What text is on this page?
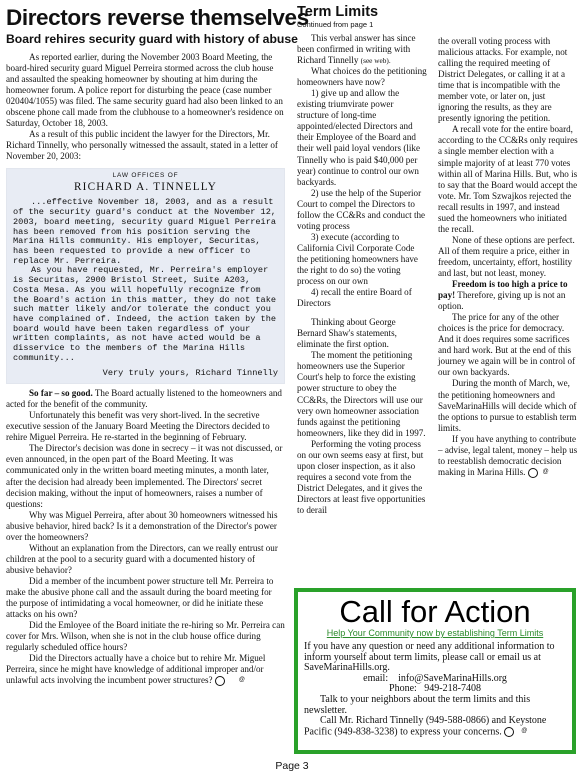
Directors reverse themselves
Board rehires security guard with history of abuse

As reported earlier, during the November 2003 Board Meeting, the board-hired security guard Miguel Perreira stormed across the club house and assaulted the speaking homeowner by shouting at him during the homeowner forum. A police report for disturbing the peace (case number 020404/1055) was filed. The same security guard had also been linked to an obscene phone call made from the clubhouse to a homeowner's residence on Saturday, October 18, 2003.

As a result of this public incident the lawyer for the Directors, Mr. Richard Tinnelly, who personally witnessed the assault, stated in a letter of November 20, 2003:

LAW OFFICES OF
RICHARD A. TINNELLY

...effective November 18, 2003, and as a result of the security guard's conduct at the November 12, 2003, board meeting, security guard Miguel Perreira has been removed from his position serving the Marina Hills community. His employer, Securitas, has been requested to provide a new officer to replace Mr. Perreira.

As you have requested, Mr. Perreira's employer is Securitas, 2900 Bristol Street, Suite A203, Costa Mesa. As you will hopefully recognize from the Board's action in this matter, they do not take such matter likely and/or tolerate the conduct you have complained of. Indeed, the action taken by the board would have been taken regardless of your written complaints, as not have acted would be a disservice to the members of the Marina Hills community...

Very truly yours, Richard Tinnelly

So far – so good. The Board actually listened to the homeowners and acted for the benefit of the community.

Unfortunately this benefit was very short-lived. In the secretive executive session of the January Board Meeting the Directors decided to rehire Miguel Perreira. He re-started in the beginning of February.

The Director's decision was done in secrecy – it was not discussed, or even announced, in the open part of the Board Meeting. It was communicated only in the written board meeting minutes, a month later, after the decision had already been implemented. The Directors' secret decision making, without the input of homeowners, raises a number of questions:

Why was Miguel Perreira, after about 30 homeowners witnessed his abusive behavior, hired back? Is it a demonstration of the Director's power over the homeowners?

Without an explanation from the Directors, can we really entrust our children at the pool to a security guard with a documented history of abusive behavior?

Did a member of the incumbent power structure tell Mr. Perreira to make the abusive phone call and the assault during the board meeting for the purpose of intimidating a vocal homeowner, or did he initiate these attacks on his own?

Did the Emloyee of the Board initiate the re-hiring so Mr. Perreira can cover for Mrs. Wilson, when she is not in the club house office during regularly scheduled office hours?

Did the Directors actually have a choice but to rehire Mr. Miguel Perreira, since he might have knowledge of additional improper and/or unlawful acts involving the incumbent power structures?	@

Term Limits
Continued from page 1

This verbal answer has since been confirmed in writing with Richard Tinnelly (see web).

What choices do the petitioning homeowners have now?

1) give up and allow the existing triumvirate power structure of long-time appointed/elected Directors and their Employee of the Board and their well paid loyal vendors (like Tinnelly who is paid $40,000 per year) continue to control our own backyards.

2) use the help of the Superior Court to compel the Directors to follow the CC&Rs and conduct the voting process

3) execute (according to California Civil Corporate Code the petitioning homeowners have the right to do so) the voting process on our own

4) recall the entire Board of Directors

Thinking about George Bernard Shaw's statements, eliminate the first option.

The moment the petitioning homeowners use the Superior Court's help to force the existing power structure to obey the CC&Rs, the Directors will use our very own homeowner association funds against the petitioning homeowners, like they did in 1997.

Performing the voting process on our own seems easy at first, but upon closer inspection, as it also requires a second vote from the District Delegates, and it gives the Directors at least five opportunities to derail

the overall voting process with malicious attacks. For example, not calling the required meeting of District Delegates, or calling it at a time that is incompatible with the member vote, or later on, just ignoring the results, as they are presently ignoring the petition.

A recall vote for the entire board, according to the CC&Rs only requires a single member election with a simple majority of at least 770 votes within all of Marina Hills. But, who is to say that the Board would accept the vote. Mr. Tom Szwajkos rejected the recall results in 1997, and instead sued the homeowners who initiated the recall.

None of these options are perfect. All of them require a price, either in freedom, uncertainty, effort, hostility and last, but not least, money.

Freedom is too high a price to pay! Therefore, giving up is not an option.

The price for any of the other choices is the price for democracy. And it does requires some sacrifices and hard work. But at the end of this journey we again will be in control of our own backyards.

During the month of March, we, the petitioning homeowners and SaveMarinaHills will decide which of the options to pursue to establish term limits.

If you have anything to contribute – advise, legal talent, money – help us to reestablish democratic decision making in Marina Hills.	@

Call for Action
Help Your Community now by establishing Term Limits

If you have any question or need any additional information to inform yourself about term limits, please call or email us at SaveMarinaHills.org.

email: info@SaveMarinaHills.org

Phone: 949-218-7408

Talk to your neighbors about the term limits and this newsletter.

Call Mr. Richard Tinnelly (949-588-0866) and Keystone Pacific (949-838-3238) to express your concerns.	@

Page 3
